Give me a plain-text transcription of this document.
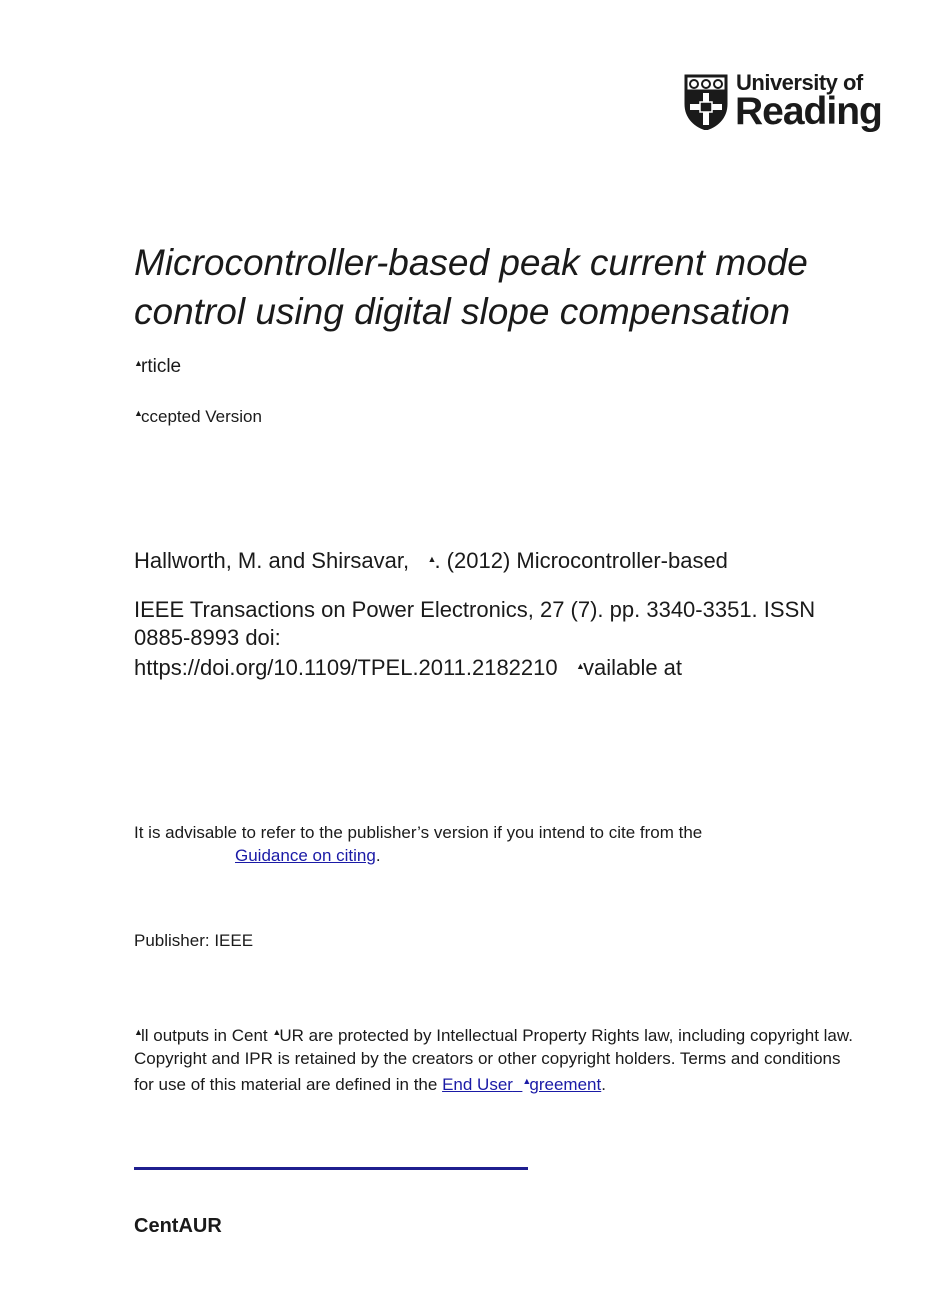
University of
Reading
Microcontroller-based peak current mode control using digital slope compensation
▲rticle
▲ccepted Version

Hallworth, M. and Shirsavar, ▲. (2012) Microcontroller-based

IEEE Transactions on Power Electronics, 27 (7). pp. 3340-3351. ISSN 0885-8993 doi:
https://doi.org/10.1109/TPEL.2011.2182210 ▲vailable at

It is advisable to refer to the publisher’s version if you intend to cite from the
Guidance on citing.

Publisher: IEEE

▲ll outputs in Cent ▲UR are protected by Intellectual Property Rights law, including copyright law. Copyright and IPR is retained by the creators or other copyright holders. Terms and conditions for use of this material are defined in the End User ▲greement.

CentAUR
